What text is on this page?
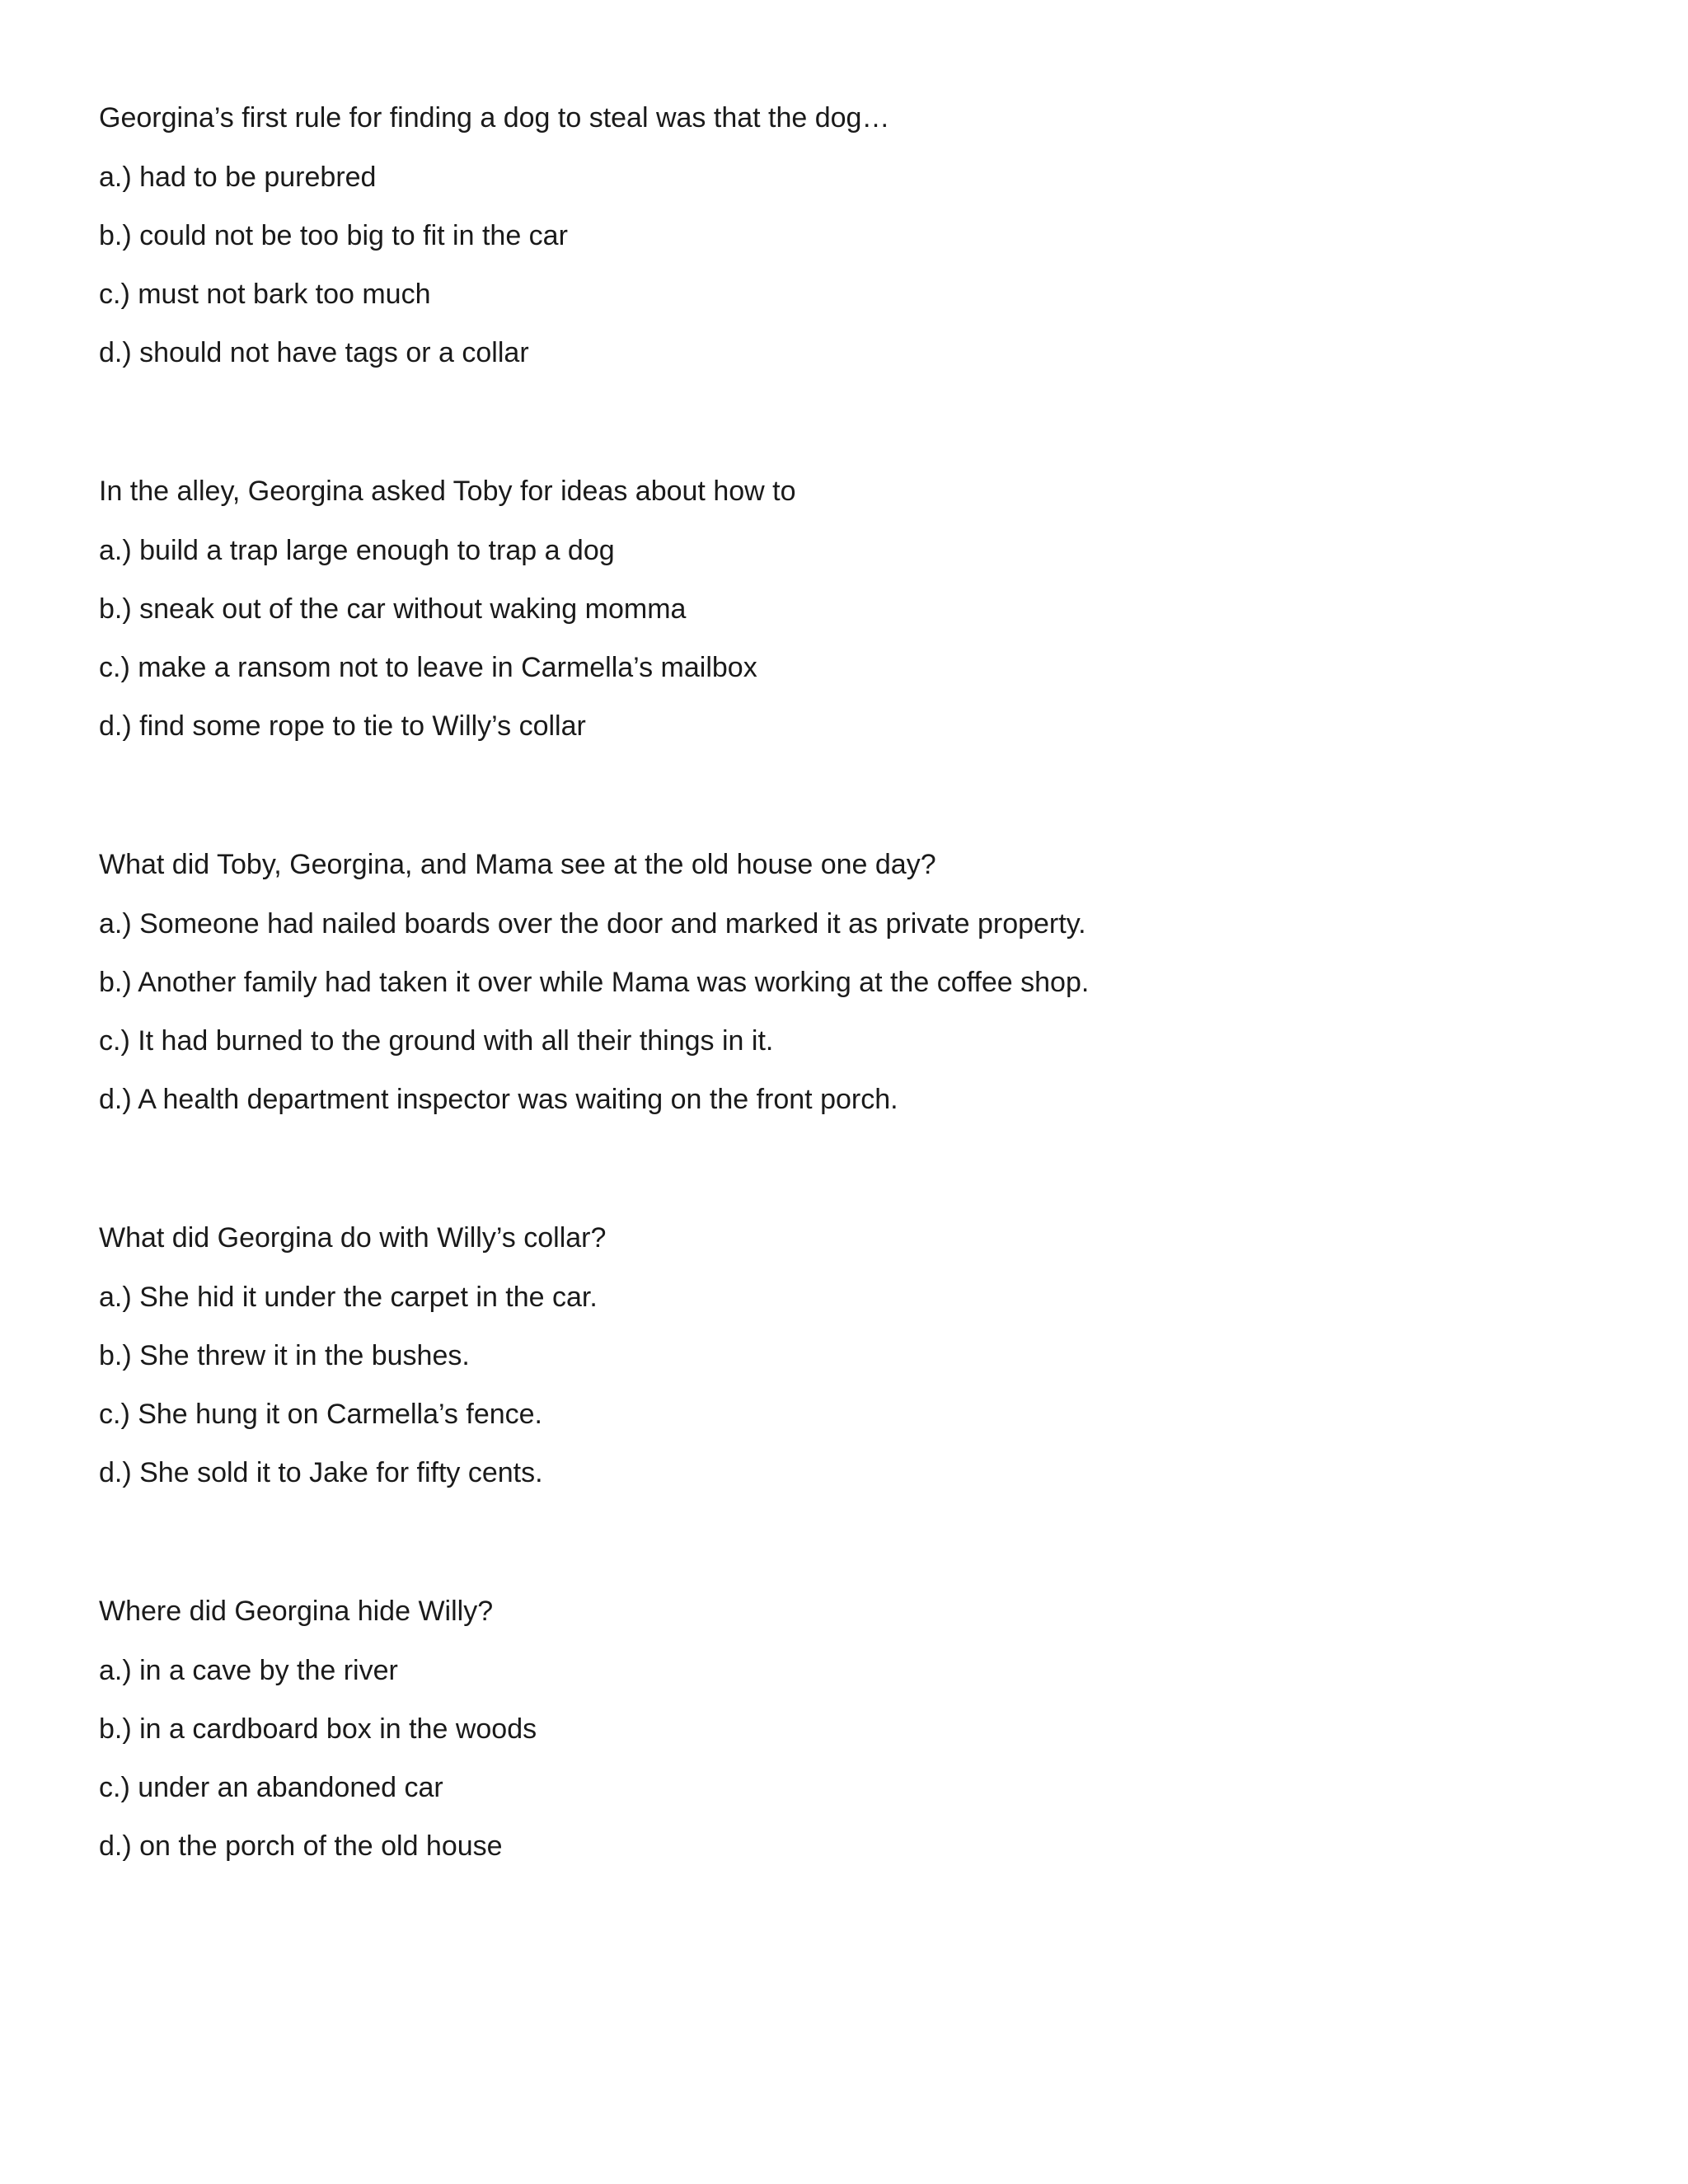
Georgina’s first rule for finding a dog to steal was that the dog…

a.) had to be purebred
b.) could not be too big to fit in the car
c.) must not bark too much
d.) should not have tags or a collar

In the alley, Georgina asked Toby for ideas about how to

a.) build a trap large enough to trap a dog
b.) sneak out of the car without waking momma
c.) make a ransom not to leave in Carmella’s mailbox
d.) find some rope to tie to Willy’s collar

What did Toby, Georgina, and Mama see at the old house one day?

a.) Someone had nailed boards over the door and marked it as private property.
b.) Another family had taken it over while Mama was working at the coffee shop.
c.) It had burned to the ground with all their things in it.
d.) A health department inspector was waiting on the front porch.

What did Georgina do with Willy’s collar?

a.) She hid it under the carpet in the car.
b.) She threw it in the bushes.
c.) She hung it on Carmella’s fence.
d.) She sold it to Jake for fifty cents.

Where did Georgina hide Willy?

a.) in a cave by the river
b.) in a cardboard box in the woods
c.) under an abandoned car
d.) on the porch of the old house
